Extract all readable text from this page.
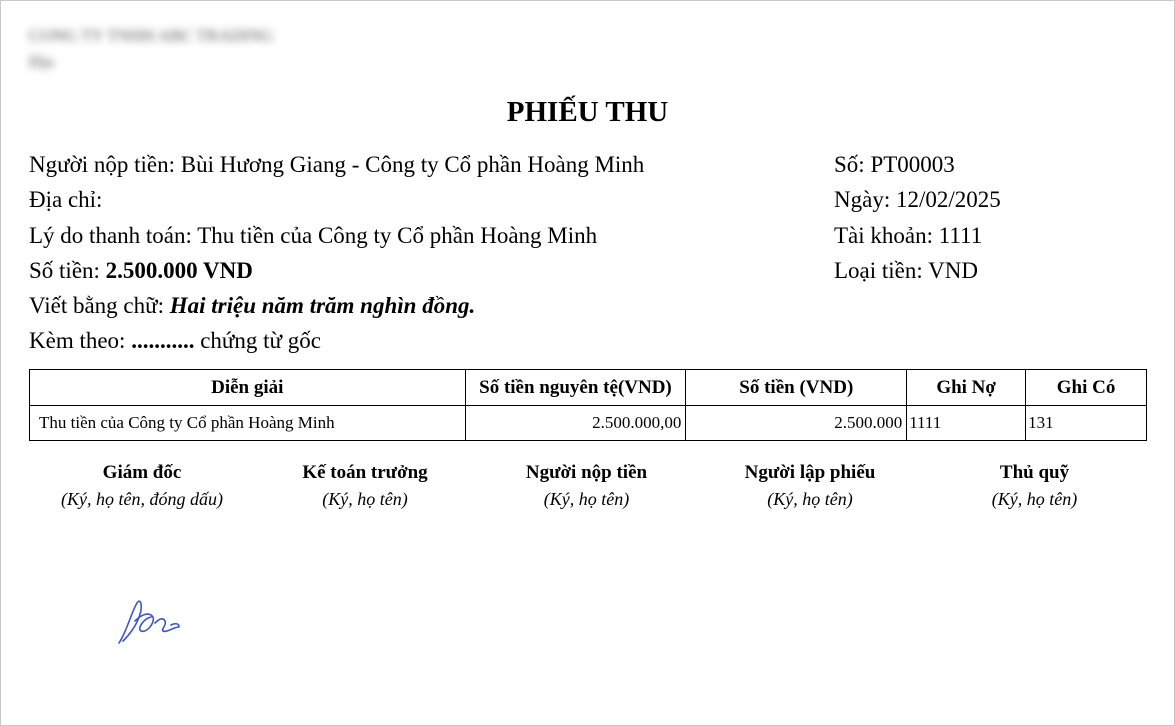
CONG TY TNHH ABC TRADING
Địa
PHIẾU THU
Người nộp tiền: Bùi Hương Giang - Công ty Cổ phần Hoàng Minh
Địa chỉ:
Lý do thanh toán: Thu tiền của Công ty Cổ phần Hoàng Minh
Số tiền: 2.500.000 VND
Viết bằng chữ: Hai triệu năm trăm nghìn đồng.
Kèm theo: ........... chứng từ gốc
Số: PT00003
Ngày: 12/02/2025
Tài khoản: 1111
Loại tiền: VND
Diễn giải	Số tiền nguyên tệ(VND)	Số tiền (VND)	Ghi Nợ	Ghi Có
Thu tiền của Công ty Cổ phần Hoàng Minh	2.500.000,00	2.500.000	1111	131
Giám đốc
(Ký, họ tên, đóng dấu)
Kế toán trưởng
(Ký, họ tên)
Người nộp tiền
(Ký, họ tên)
Người lập phiếu
(Ký, họ tên)
Thủ quỹ
(Ký, họ tên)
